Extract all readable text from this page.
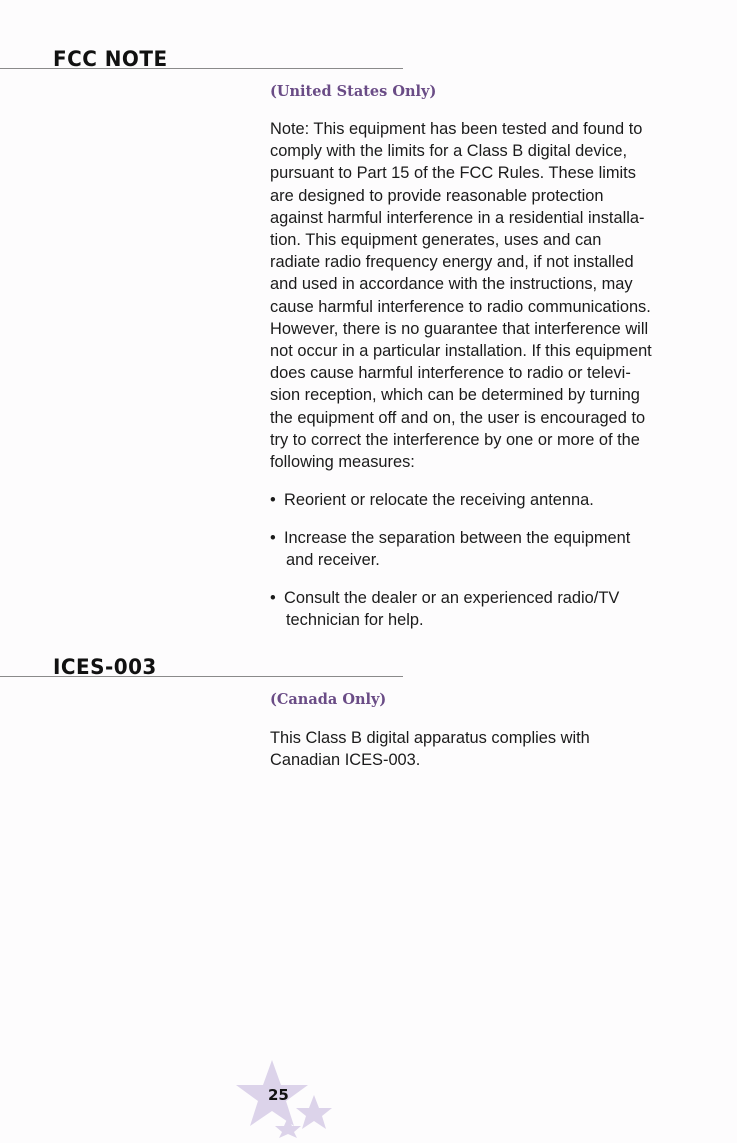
FCC NOTE

(United States Only)

Note: This equipment has been tested and found to
comply with the limits for a Class B digital device,
pursuant to Part 15 of the FCC Rules. These limits
are designed to provide reasonable protection
against harmful interference in a residential installa-
tion. This equipment generates, uses and can
radiate radio frequency energy and, if not installed
and used in accordance with the instructions, may
cause harmful interference to radio communications.
However, there is no guarantee that interference will
not occur in a particular installation. If this equipment
does cause harmful interference to radio or televi-
sion reception, which can be determined by turning
the equipment off and on, the user is encouraged to
try to correct the interference by one or more of the
following measures:
• Reorient or relocate the receiving antenna.
• Increase the separation between the equipment
and receiver.
• Consult the dealer or an experienced radio/TV
technician for help.
ICES-003

(Canada Only)

This Class B digital apparatus complies with
Canadian ICES-003.
25
